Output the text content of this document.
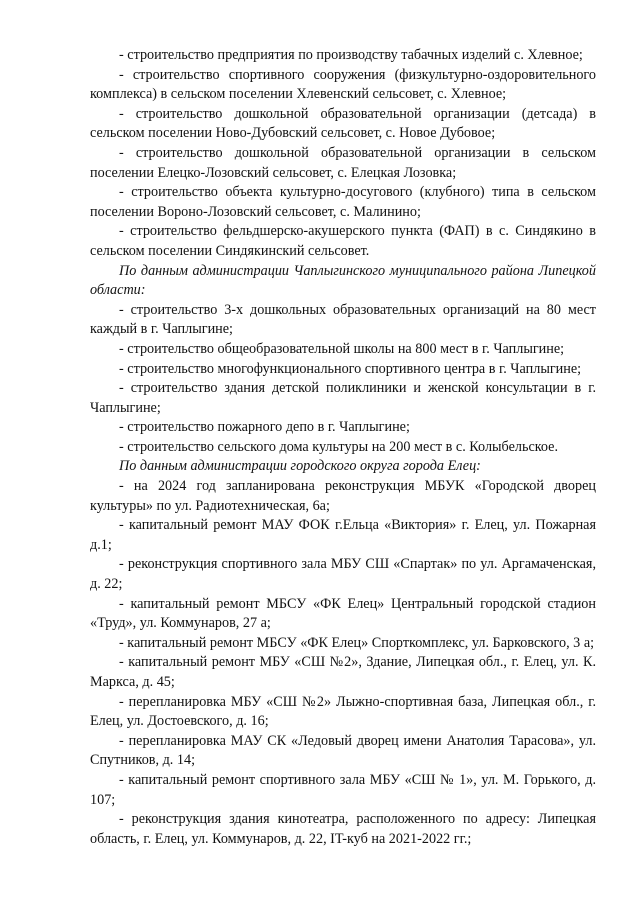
- строительство предприятия по производству табачных изделий с. Хлевное;

- строительство спортивного сооружения (физкультурно-оздоровительного комплекса) в сельском поселении Хлевенский сельсовет, с. Хлевное;

- строительство дошкольной образовательной организации (детсада) в сельском поселении Ново-Дубовский сельсовет, с. Новое Дубовое;

- строительство дошкольной образовательной организации в сельском поселении Елецко-Лозовский сельсовет, с. Елецкая Лозовка;

- строительство объекта культурно-досугового (клубного) типа в сельском поселении Вороно-Лозовский сельсовет, с. Малинино;

- строительство фельдшерско-акушерского пункта (ФАП) в с. Синдякино в сельском поселении Синдякинский сельсовет.

По данным администрации Чаплыгинского муниципального района Липецкой области:

- строительство 3-х дошкольных образовательных организаций на 80 мест каждый в г. Чаплыгине;

- строительство общеобразовательной школы на 800 мест в г. Чаплыгине;

- строительство многофункционального спортивного центра в г. Чаплыгине;

- строительство здания детской поликлиники и женской консультации в г. Чаплыгине;

- строительство пожарного депо в г. Чаплыгине;

- строительство сельского дома культуры на 200 мест в с. Колыбельское.

По данным администрации городского округа города Елец:

- на 2024 год запланирована реконструкция МБУК «Городской дворец культуры» по ул. Радиотехническая, 6а;

- капитальный ремонт МАУ ФОК г.Ельца «Виктория» г. Елец, ул. Пожарная д.1;

- реконструкция спортивного зала МБУ СШ «Спартак» по ул. Аргамаченская, д. 22;

- капитальный ремонт МБСУ «ФК Елец» Центральный городской стадион «Труд», ул. Коммунаров, 27 а;

- капитальный ремонт МБСУ «ФК Елец» Спорткомплекс, ул. Барковского, 3 а;

- капитальный ремонт МБУ «СШ №2», Здание, Липецкая обл., г. Елец, ул. К. Маркса, д. 45;

- перепланировка МБУ «СШ №2» Лыжно-спортивная база, Липецкая обл., г. Елец, ул. Достоевского, д. 16;

- перепланировка МАУ СК «Ледовый дворец имени Анатолия Тарасова», ул. Спутников, д. 14;

- капитальный ремонт спортивного зала МБУ «СШ № 1», ул. М. Горького, д. 107;

- реконструкция здания кинотеатра, расположенного по адресу: Липецкая область, г. Елец, ул. Коммунаров, д. 22, IT-куб на 2021-2022 гг.;
